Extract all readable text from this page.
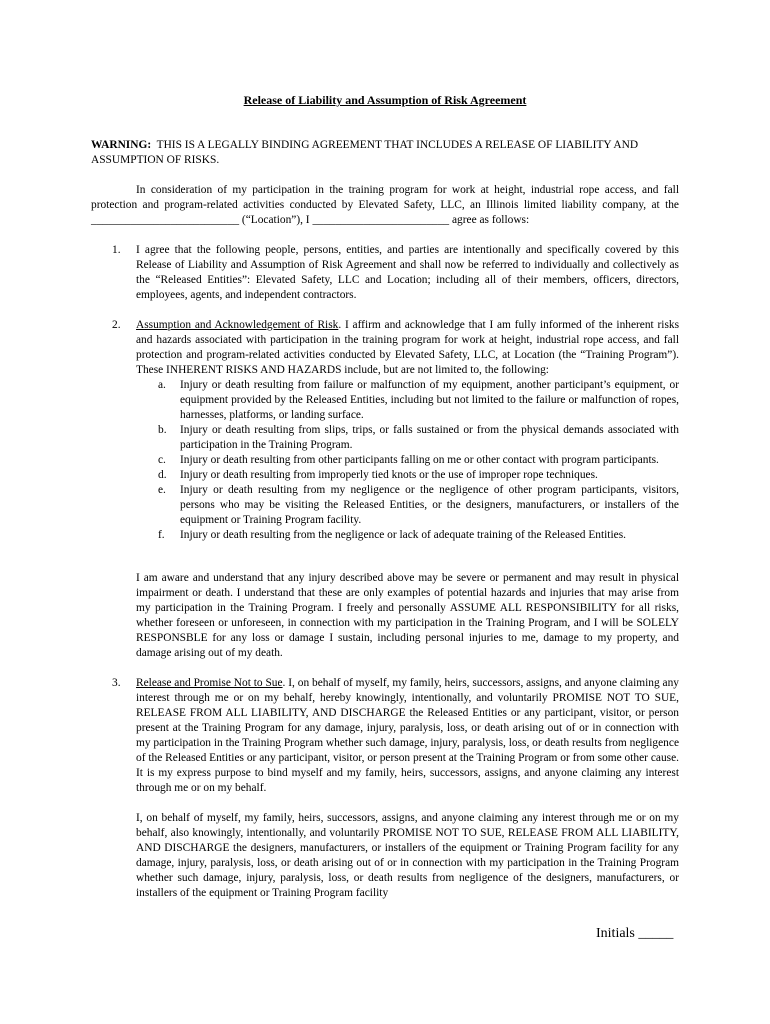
Release of Liability and Assumption of Risk Agreement
WARNING: THIS IS A LEGALLY BINDING AGREEMENT THAT INCLUDES A RELEASE OF LIABILITY AND ASSUMPTION OF RISKS.
In consideration of my participation in the training program for work at height, industrial rope access, and fall protection and program-related activities conducted by Elevated Safety, LLC, an Illinois limited liability company, at the __________________________ (“Location”), I ________________________ agree as follows:
1. I agree that the following people, persons, entities, and parties are intentionally and specifically covered by this Release of Liability and Assumption of Risk Agreement and shall now be referred to individually and collectively as the “Released Entities”: Elevated Safety, LLC and Location; including all of their members, officers, directors, employees, agents, and independent contractors.
2. Assumption and Acknowledgement of Risk. I affirm and acknowledge that I am fully informed of the inherent risks and hazards associated with participation in the training program for work at height, industrial rope access, and fall protection and program-related activities conducted by Elevated Safety, LLC, at Location (the “Training Program”). These INHERENT RISKS AND HAZARDS include, but are not limited to, the following:

a. Injury or death resulting from failure or malfunction of my equipment, another participant’s equipment, or equipment provided by the Released Entities, including but not limited to the failure or malfunction of ropes, harnesses, platforms, or landing surface.
b. Injury or death resulting from slips, trips, or falls sustained or from the physical demands associated with participation in the Training Program.
c. Injury or death resulting from other participants falling on me or other contact with program participants.
d. Injury or death resulting from improperly tied knots or the use of improper rope techniques.
e. Injury or death resulting from my negligence or the negligence of other program participants, visitors, persons who may be visiting the Released Entities, or the designers, manufacturers, or installers of the equipment or Training Program facility.
f. Injury or death resulting from the negligence or lack of adequate training of the Released Entities.
I am aware and understand that any injury described above may be severe or permanent and may result in physical impairment or death. I understand that these are only examples of potential hazards and injuries that may arise from my participation in the Training Program. I freely and personally ASSUME ALL RESPONSIBILITY for all risks, whether foreseen or unforeseen, in connection with my participation in the Training Program, and I will be SOLELY RESPONSBLE for any loss or damage I sustain, including personal injuries to me, damage to my property, and damage arising out of my death.
3. Release and Promise Not to Sue. I, on behalf of myself, my family, heirs, successors, assigns, and anyone claiming any interest through me or on my behalf, hereby knowingly, intentionally, and voluntarily PROMISE NOT TO SUE, RELEASE FROM ALL LIABILITY, AND DISCHARGE the Released Entities or any participant, visitor, or person present at the Training Program for any damage, injury, paralysis, loss, or death arising out of or in connection with my participation in the Training Program whether such damage, injury, paralysis, loss, or death results from negligence of the Released Entities or any participant, visitor, or person present at the Training Program or from some other cause. It is my express purpose to bind myself and my family, heirs, successors, assigns, and anyone claiming any interest through me or on my behalf.

I, on behalf of myself, my family, heirs, successors, assigns, and anyone claiming any interest through me or on my behalf, also knowingly, intentionally, and voluntarily PROMISE NOT TO SUE, RELEASE FROM ALL LIABILITY, AND DISCHARGE the designers, manufacturers, or installers of the equipment or Training Program facility for any damage, injury, paralysis, loss, or death arising out of or in connection with my participation in the Training Program whether such damage, injury, paralysis, loss, or death results from negligence of the designers, manufacturers, or installers of the equipment or Training Program facility

Initials _____
